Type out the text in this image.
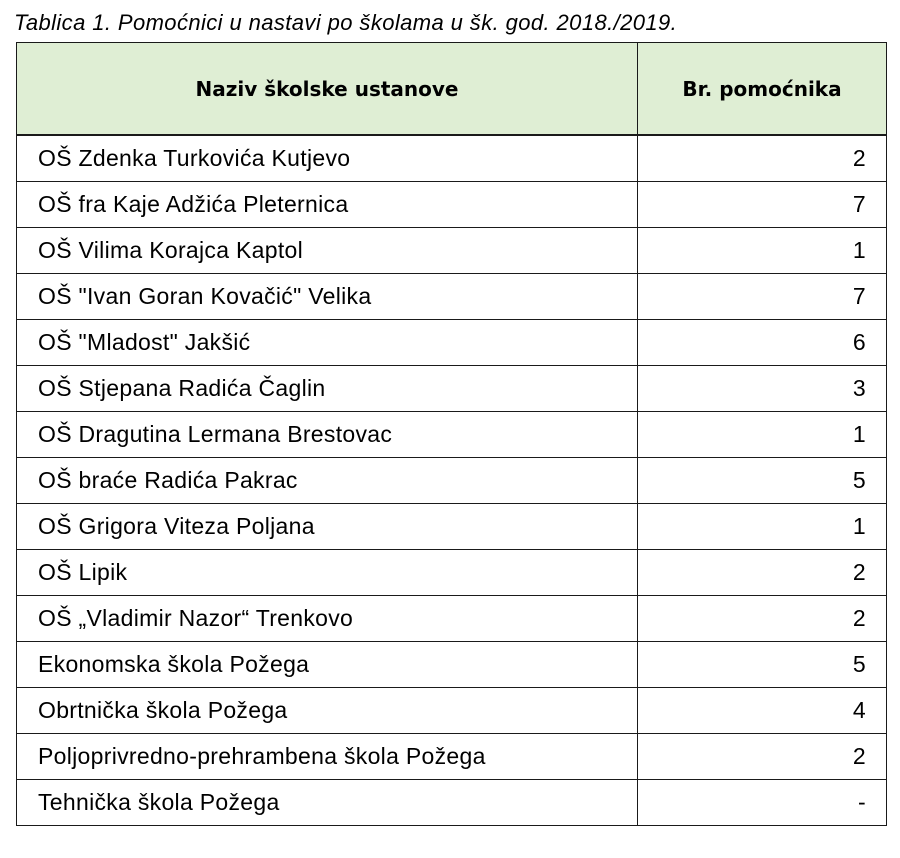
Tablica 1. Pomoćnici u nastavi po školama u šk. god. 2018./2019.
Naziv školske ustanove	Br. pomoćnika
OŠ Zdenka Turkovića Kutjevo	2
OŠ fra Kaje Adžića Pleternica	7
OŠ Vilima Korajca Kaptol	1
OŠ "Ivan Goran Kovačić" Velika	7
OŠ "Mladost" Jakšić	6
OŠ Stjepana Radića Čaglin	3
OŠ Dragutina Lermana Brestovac	1
OŠ braće Radića Pakrac	5
OŠ Grigora Viteza Poljana	1
OŠ Lipik	2
OŠ „Vladimir Nazor“ Trenkovo	2
Ekonomska škola Požega	5
Obrtnička škola Požega	4
Poljoprivredno-prehrambena škola Požega	2
Tehnička škola Požega	-
